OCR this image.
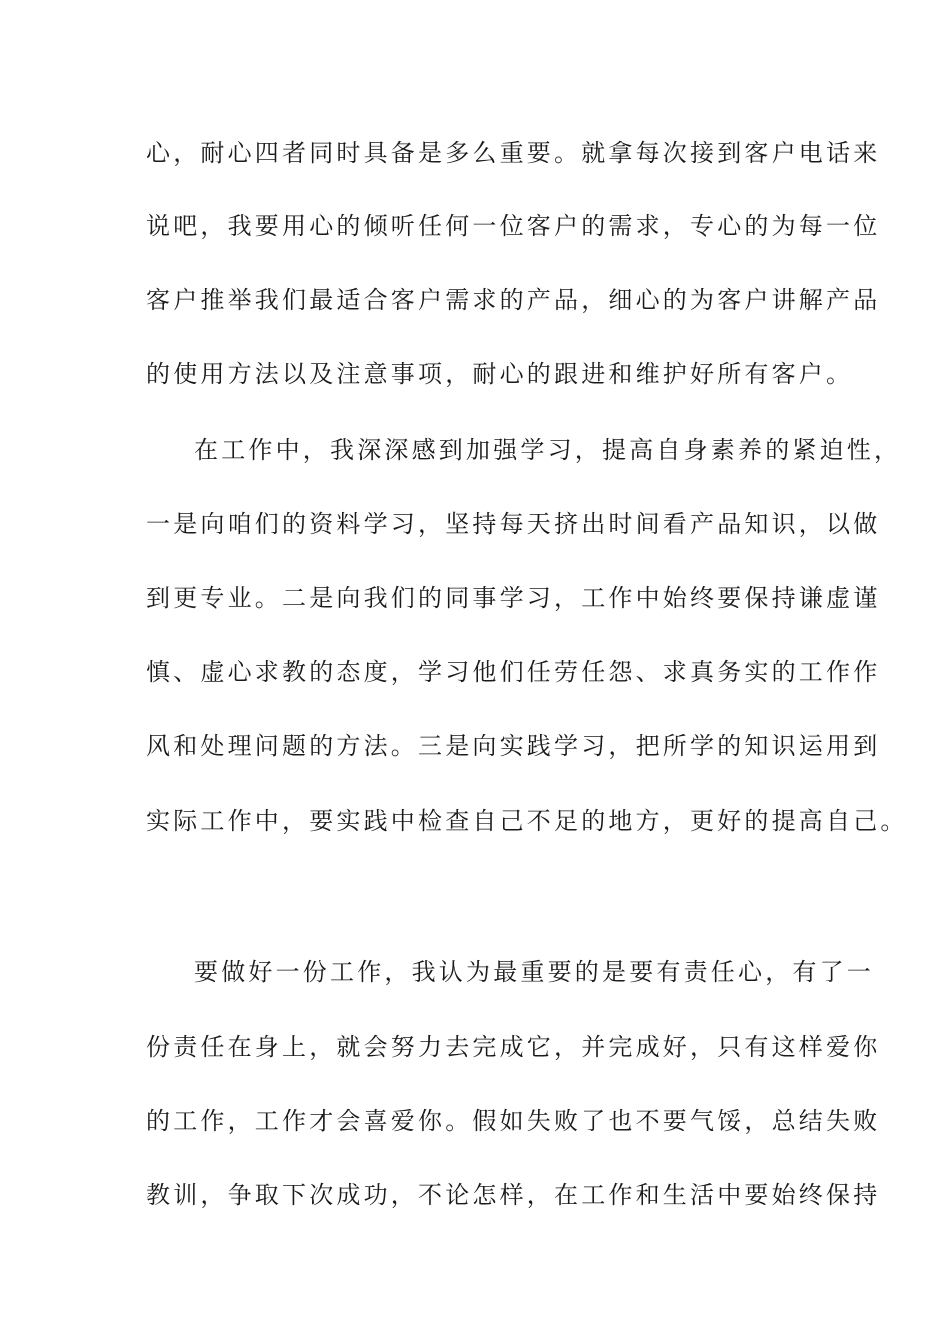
心，耐心四者同时具备是多么重要。就拿每次接到客户电话来
说吧，我要用心的倾听任何一位客户的需求，专心的为每一位
客户推举我们最适合客户需求的产品，细心的为客户讲解产品
的使用方法以及注意事项，耐心的跟进和维护好所有客户。
在工作中，我深深感到加强学习，提高自身素养的紧迫性，
一是向咱们的资料学习，坚持每天挤出时间看产品知识，以做
到更专业。二是向我们的同事学习，工作中始终要保持谦虚谨
慎、虚心求教的态度，学习他们任劳任怨、求真务实的工作作
风和处理问题的方法。三是向实践学习，把所学的知识运用到
实际工作中，要实践中检查自己不足的地方，更好的提高自己。
要做好一份工作，我认为最重要的是要有责任心，有了一
份责任在身上，就会努力去完成它，并完成好，只有这样爱你
的工作，工作才会喜爱你。假如失败了也不要气馁，总结失败
教训，争取下次成功，不论怎样，在工作和生活中要始终保持
